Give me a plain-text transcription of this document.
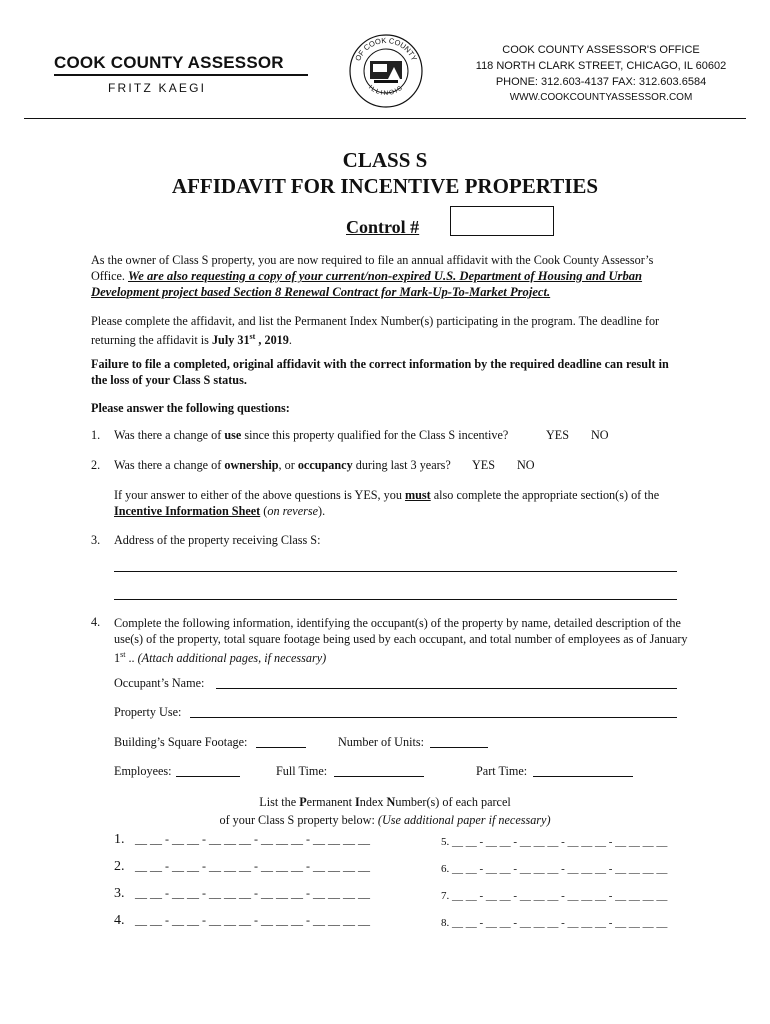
COOK COUNTY ASSESSOR
FRITZ KAEGI
OF COOK COUNTY
ILLINOIS
COOK COUNTY ASSESSOR'S OFFICE
118 NORTH CLARK STREET, CHICAGO, IL 60602
PHONE: 312.603-4137 FAX: 312.603.6584
WWW.COOKCOUNTYASSESSOR.COM
CLASS S
AFFIDAVIT FOR INCENTIVE PROPERTIES
Control #
As the owner of Class S property, you are now required to file an annual affidavit with the Cook County Assessor’s Office. We are also requesting a copy of your current/non-expired U.S. Department of Housing and Urban Development project based Section 8 Renewal Contract for Mark-Up-To-Market Project.
Please complete the affidavit, and list the Permanent Index Number(s) participating in the program. The deadline for returning the affidavit is July 31st , 2019.
Failure to file a completed, original affidavit with the correct information by the required deadline can result in the loss of your Class S status.
Please answer the following questions:
1. Was there a change of use since this property qualified for the Class S incentive?	YES NO
2. Was there a change of ownership, or occupancy during last 3 years? YES NO
If your answer to either of the above questions is YES, you must also complete the appropriate section(s) of the Incentive Information Sheet (on reverse).
3. Address of the property receiving Class S:
4. Complete the following information, identifying the occupant(s) of the property by name, detailed description of the use(s) of the property, total square footage being used by each occupant, and total number of employees as of January 1st .. (Attach additional pages, if necessary)
Occupant’s Name:
Property Use:
Building’s Square Footage:	Number of Units:
Employees:	Full Time:	Part Time:
List the Permanent Index Number(s) of each parcel
of your Class S property below: (Use additional paper if necessary)
1. __ __ - __ __ - __ __ __ - __ __ __ - __ __ __ __
2. __ __ - __ __ - __ __ __ - __ __ __ - __ __ __ __
3. __ __ - __ __ - __ __ __ - __ __ __ - __ __ __ __
4. __ __ - __ __ - __ __ __ - __ __ __ - __ __ __ __
5. __ __ - __ __ - __ __ __ - __ __ __ - __ __ __ __
6. __ __ - __ __ - __ __ __ - __ __ __ - __ __ __ __
7. __ __ - __ __ - __ __ __ - __ __ __ - __ __ __ __
8. __ __ - __ __ - __ __ __ - __ __ __ - __ __ __ __
